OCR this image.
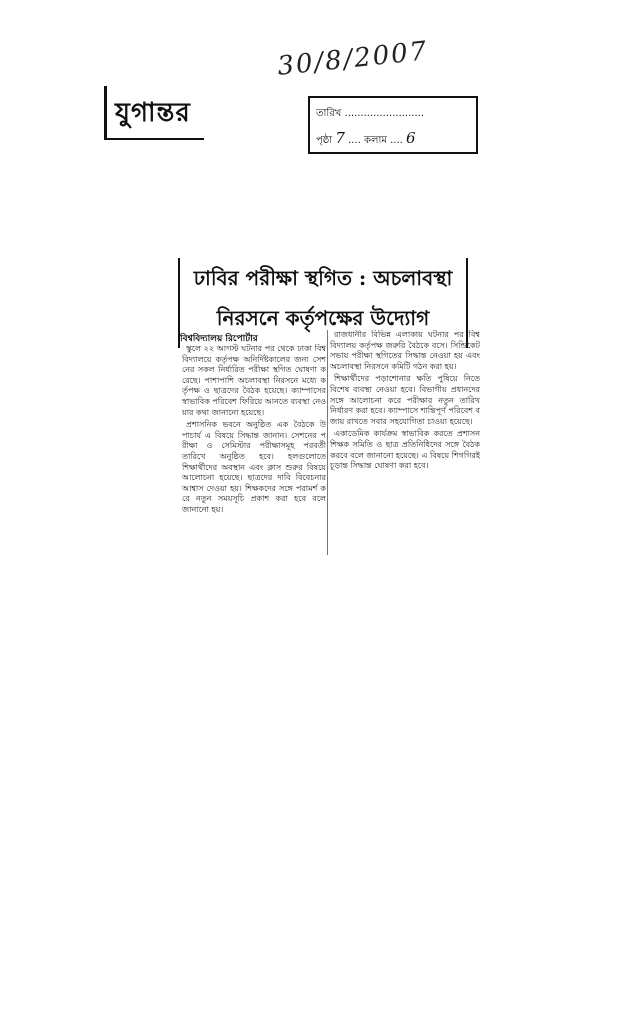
যুগান্তর
30/8/2007
তারিখ .........................
পৃষ্ঠা 7 .... কলাম .... 6
ঢাবির পরীক্ষা স্থগিত : অচলাবস্থা
নিরসনে কর্তৃপক্ষের উদ্যোগ
বিশ্ববিদ্যালয় রিপোর্টার

স্কুলে ২২ আগস্ট ঘটনার পর থেকে ঢাকা বিশ্ববিদ্যালয়ে কর্তৃপক্ষ অনির্দিষ্টকালের জন্য সেশনের সকল নির্ধারিত পরীক্ষা স্থগিত ঘোষণা করেছে। পাশাপাশি অচলাবস্থা নিরসনে মধ্যে কর্তৃপক্ষ ও ছাত্রদের বৈঠক হয়েছে। ক্যাম্পাসের স্বাভাবিক পরিবেশ ফিরিয়ে আনতে ব্যবস্থা নেওয়ার কথা জানানো হয়েছে।

প্রশাসনিক ভবনে অনুষ্ঠিত এক বৈঠকে উপাচার্য এ বিষয়ে সিদ্ধান্ত জানান। সেশনের পরীক্ষা ও সেমিস্টার পরীক্ষাসমূহ পরবর্তী তারিখে অনুষ্ঠিত হবে। হলগুলোতে শিক্ষার্থীদের অবস্থান এবং ক্লাস শুরুর বিষয়ে আলোচনা হয়েছে। ছাত্রদের দাবি বিবেচনার আশ্বাস দেওয়া হয়। শিক্ষকদের সঙ্গে পরামর্শ করে নতুন সময়সূচি প্রকাশ করা হবে বলে জানানো হয়।

রাজধানীর বিভিন্ন এলাকায় ঘটনার পর বিশ্ববিদ্যালয় কর্তৃপক্ষ জরুরি বৈঠকে বসে। সিন্ডিকেট সভায় পরীক্ষা স্থগিতের সিদ্ধান্ত নেওয়া হয় এবং অচলাবস্থা নিরসনে কমিটি গঠন করা হয়।

শিক্ষার্থীদের পড়াশোনার ক্ষতি পুষিয়ে নিতে বিশেষ ব্যবস্থা নেওয়া হবে। বিভাগীয় প্রধানদের সঙ্গে আলোচনা করে পরীক্ষার নতুন তারিখ নির্ধারণ করা হবে। ক্যাম্পাসে শান্তিপূর্ণ পরিবেশ বজায় রাখতে সবার সহযোগিতা চাওয়া হয়েছে।

একাডেমিক কার্যক্রম স্বাভাবিক করতে প্রশাসন শিক্ষক সমিতি ও ছাত্র প্রতিনিধিদের সঙ্গে বৈঠক করবে বলে জানানো হয়েছে। এ বিষয়ে শিগগিরই চূড়ান্ত সিদ্ধান্ত ঘোষণা করা হবে।
